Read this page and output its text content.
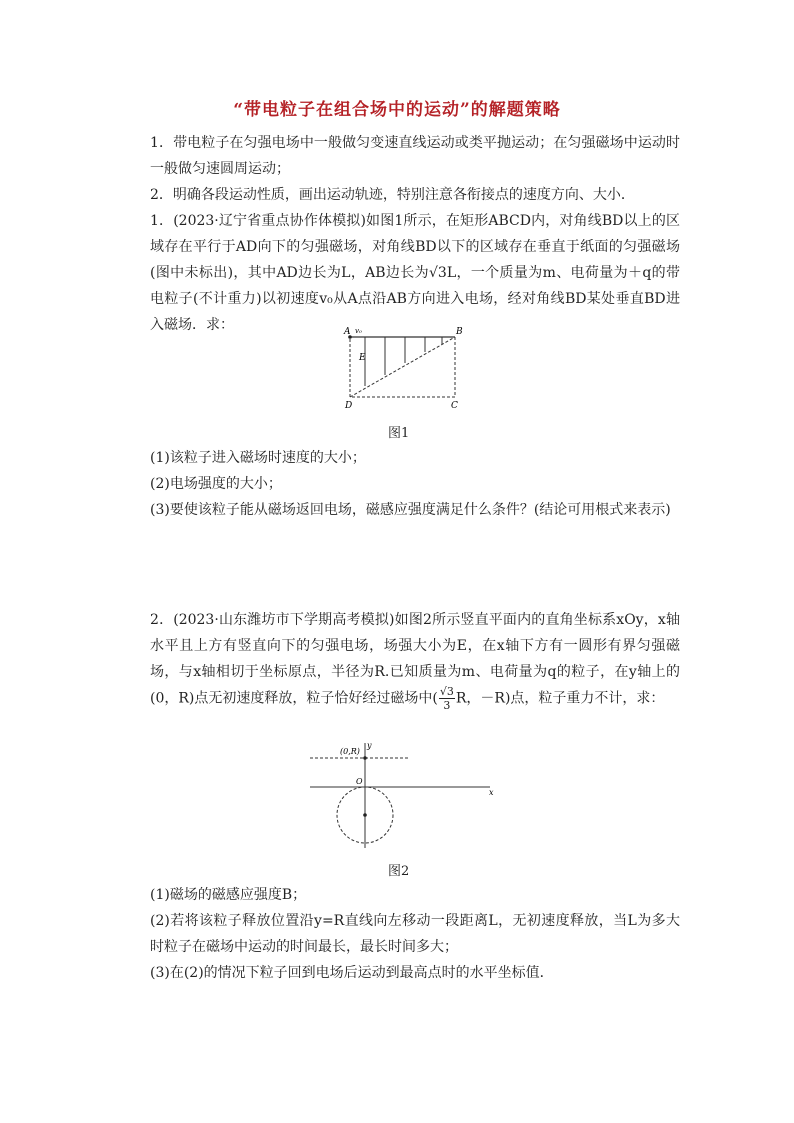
“带电粒子在组合场中的运动”的解题策略
1．带电粒子在匀强电场中一般做匀变速直线运动或类平抛运动；在匀强磁场中运动时一般做匀速圆周运动；
2．明确各段运动性质，画出运动轨迹，特别注意各衔接点的速度方向、大小．
1．(2023·辽宁省重点协作体模拟)如图1所示，在矩形ABCD内，对角线BD以上的区域存在平行于AD向下的匀强磁场，对角线BD以下的区域存在垂直于纸面的匀强磁场(图中未标出)，其中AD边长为L，AB边长为√3L，一个质量为m、电荷量为＋q的带电粒子(不计重力)以初速度v₀从A点沿AB方向进入电场，经对角线BD某处垂直BD进入磁场．求：	A	B
C
D
E
v₀
图1
(1)该粒子进入磁场时速度的大小；
(2)电场强度的大小；
(3)要使该粒子能从磁场返回电场，磁感应强度满足什么条件？(结论可用根式来表示)
2．(2023·山东潍坊市下学期高考模拟)如图2所示竖直平面内的直角坐标系xOy，x轴水平且上方有竖直向下的匀强电场，场强大小为E，在x轴下方有一圆形有界匀强磁场，与x轴相切于坐标原点，半径为R.已知质量为m、电荷量为q的粒子，在y轴上的(0，R)点无初速度释放，粒子恰好经过磁场中( $\frac{√3}{3}$ R，－R)点，粒子重力不计，求：
(0,R)
y
O
x
图2
(1)磁场的磁感应强度B；
(2)若将该粒子释放位置沿y=R直线向左移动一段距离L，无初速度释放，当L为多大时粒子在磁场中运动的时间最长，最长时间多大；
(3)在(2)的情况下粒子回到电场后运动到最高点时的水平坐标值．
